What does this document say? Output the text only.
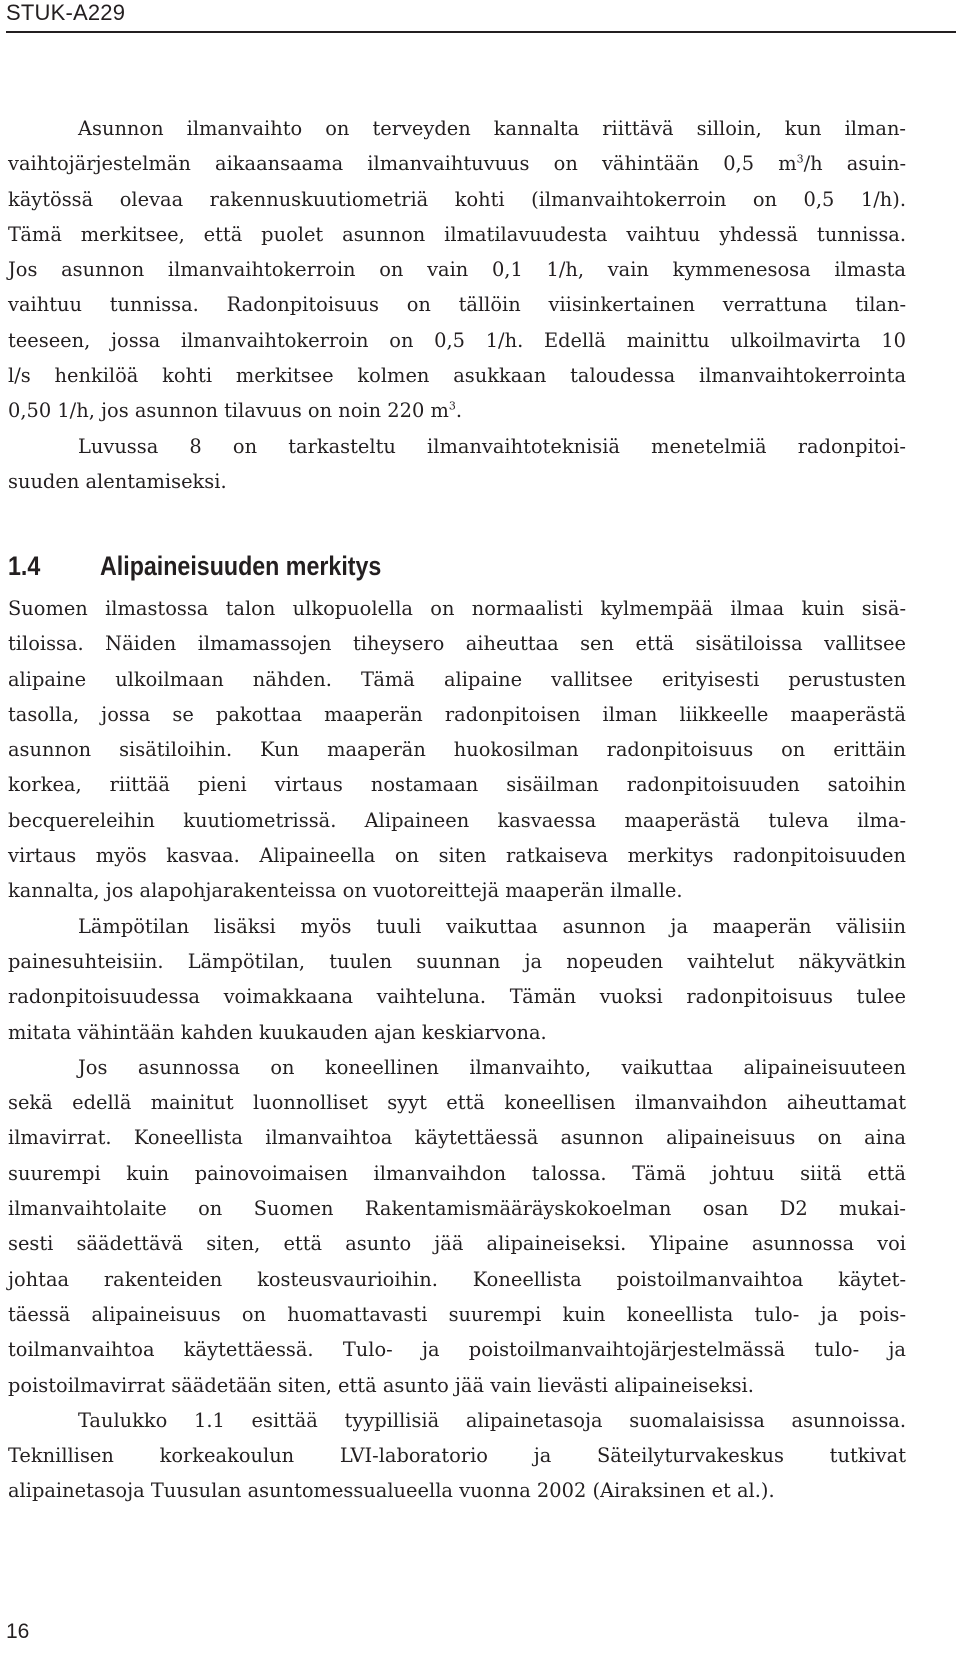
STUK-A229
Asunnon ilmanvaihto on terveyden kannalta riittävä silloin, kun ilman-
vaihtojärjestelmän aikaansaama ilmanvaihtuvuus on vähintään 0,5 $m^3/h$ asuin-
käytössä olevaa rakennuskuutiometriä kohti (ilmanvaihtokerroin on 0,5 1/h).
Tämä merkitsee, että puolet asunnon ilmatilavuudesta vaihtuu yhdessä tunnissa.
Jos asunnon ilmanvaihtokerroin on vain 0,1 1/h, vain kymmenesosa ilmasta
vaihtuu tunnissa. Radonpitoisuus on tällöin viisinkertainen verrattuna tilan-
teeseen, jossa ilmanvaihtokerroin on 0,5 1/h. Edellä mainittu ulkoilmavirta 10
l/s henkilöä kohti merkitsee kolmen asukkaan taloudessa ilmanvaihtokerrointa
0,50 1/h, jos asunnon tilavuus on noin 220 $m^3$.
Luvussa 8 on tarkasteltu ilmanvaihtoteknisiä menetelmiä radonpitoi-
suuden alentamiseksi.
1.4 Alipaineisuuden merkitys
Suomen ilmastossa talon ulkopuolella on normaalisti kylmempää ilmaa kuin sisä-
tiloissa. Näiden ilmamassojen tiheysero aiheuttaa sen että sisätiloissa vallitsee
alipaine ulkoilmaan nähden. Tämä alipaine vallitsee erityisesti perustusten
tasolla, jossa se pakottaa maaperän radonpitoisen ilman liikkeelle maaperästä
asunnon sisätiloihin. Kun maaperän huokosilman radonpitoisuus on erittäin
korkea, riittää pieni virtaus nostamaan sisäilman radonpitoisuuden satoihin
becquereleihin kuutiometrissä. Alipaineen kasvaessa maaperästä tuleva ilma-
virtaus myös kasvaa. Alipaineella on siten ratkaiseva merkitys radonpitoisuuden
kannalta, jos alapohjarakenteissa on vuotoreittejä maaperän ilmalle.
Lämpötilan lisäksi myös tuuli vaikuttaa asunnon ja maaperän välisiin
painesuhteisiin. Lämpötilan, tuulen suunnan ja nopeuden vaihtelut näkyvätkin
radonpitoisuudessa voimakkaana vaihteluna. Tämän vuoksi radonpitoisuus tulee
mitata vähintään kahden kuukauden ajan keskiarvona.
Jos asunnossa on koneellinen ilmanvaihto, vaikuttaa alipaineisuuteen
sekä edellä mainitut luonnolliset syyt että koneellisen ilmanvaihdon aiheuttamat
ilmavirrat. Koneellista ilmanvaihtoa käytettäessä asunnon alipaineisuus on aina
suurempi kuin painovoimaisen ilmanvaihdon talossa. Tämä johtuu siitä että
ilmanvaihtolaite on Suomen Rakentamismääräyskokoelman osan D2 mukai-
sesti säädettävä siten, että asunto jää alipaineiseksi. Ylipaine asunnossa voi
johtaa rakenteiden kosteusvaurioihin. Koneellista poistoilmanvaihtoa käytet-
täessä alipaineisuus on huomattavasti suurempi kuin koneellista tulo- ja pois-
toilmanvaihtoa käytettäessä. Tulo- ja poistoilmanvaihtojärjestelmässä tulo- ja
poistoilmavirrat säädetään siten, että asunto jää vain lievästi alipaineiseksi.
Taulukko 1.1 esittää tyypillisiä alipainetasoja suomalaisissa asunnoissa.
Teknillisen korkeakoulun LVI-laboratorio ja Säteilyturvakeskus tutkivat
alipainetasoja Tuusulan asuntomessualueella vuonna 2002 (Airaksinen et al.).
16
